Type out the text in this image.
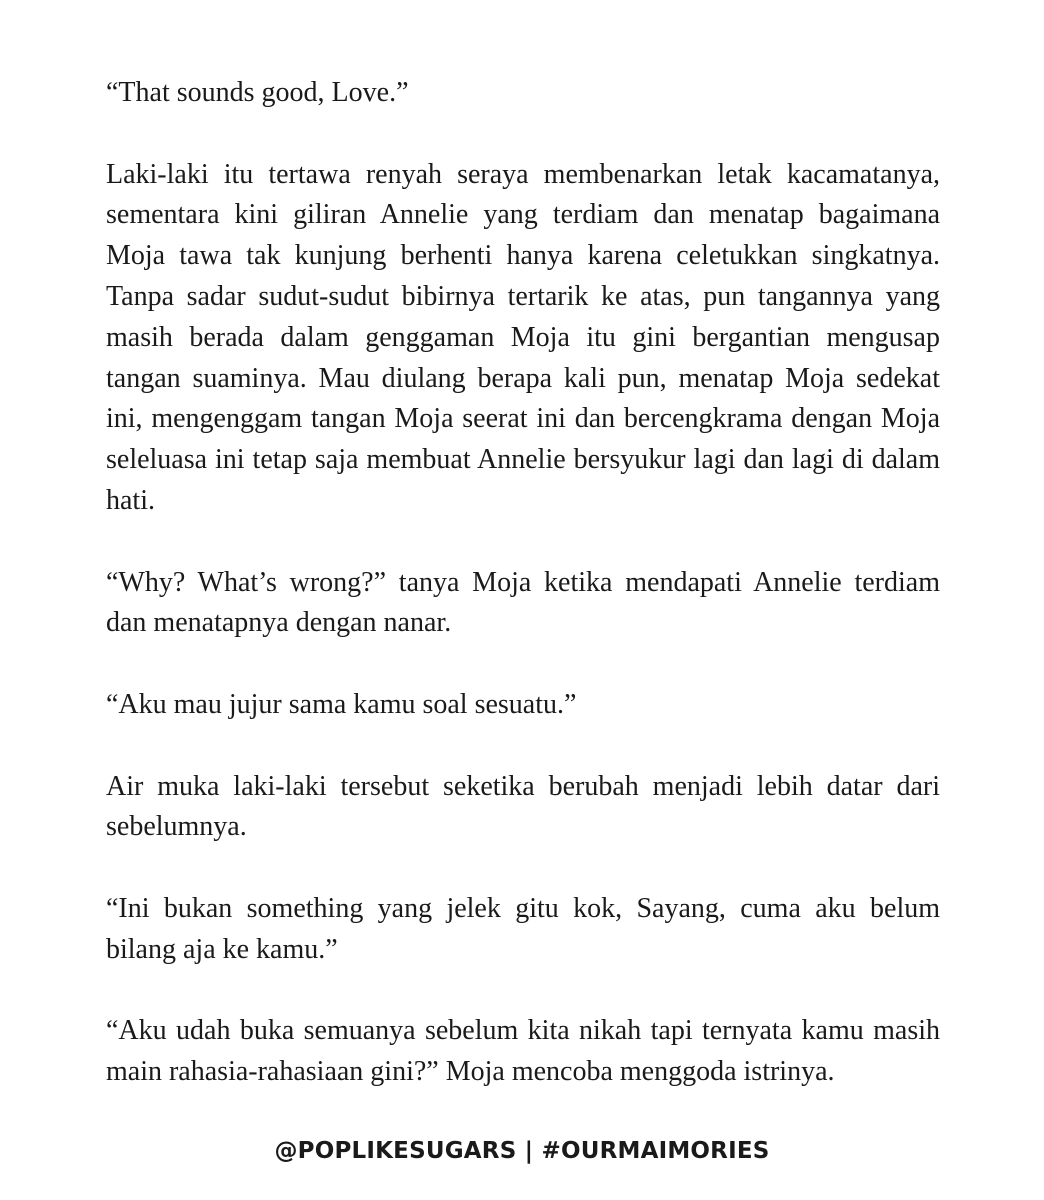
“That sounds good, Love.”

Laki-laki itu tertawa renyah seraya membenarkan letak kacamatanya, sementara kini giliran Annelie yang terdiam dan menatap bagaimana Moja tawa tak kunjung berhenti hanya karena celetukkan singkatnya. Tanpa sadar sudut-sudut bibirnya tertarik ke atas, pun tangannya yang masih berada dalam genggaman Moja itu gini bergantian mengusap tangan suaminya. Mau diulang berapa kali pun, menatap Moja sedekat ini, mengenggam tangan Moja seerat ini dan bercengkrama dengan Moja seleluasa ini tetap saja membuat Annelie bersyukur lagi dan lagi di dalam hati.

“Why? What’s wrong?” tanya Moja ketika mendapati Annelie terdiam dan menatapnya dengan nanar.

“Aku mau jujur sama kamu soal sesuatu.”

Air muka laki-laki tersebut seketika berubah menjadi lebih datar dari sebelumnya.

“Ini bukan something yang jelek gitu kok, Sayang, cuma aku belum bilang aja ke kamu.”

“Aku udah buka semuanya sebelum kita nikah tapi ternyata kamu masih main rahasia-rahasiaan gini?” Moja mencoba menggoda istrinya.

@POPLIKESUGARS | #OURMAIMORIES
